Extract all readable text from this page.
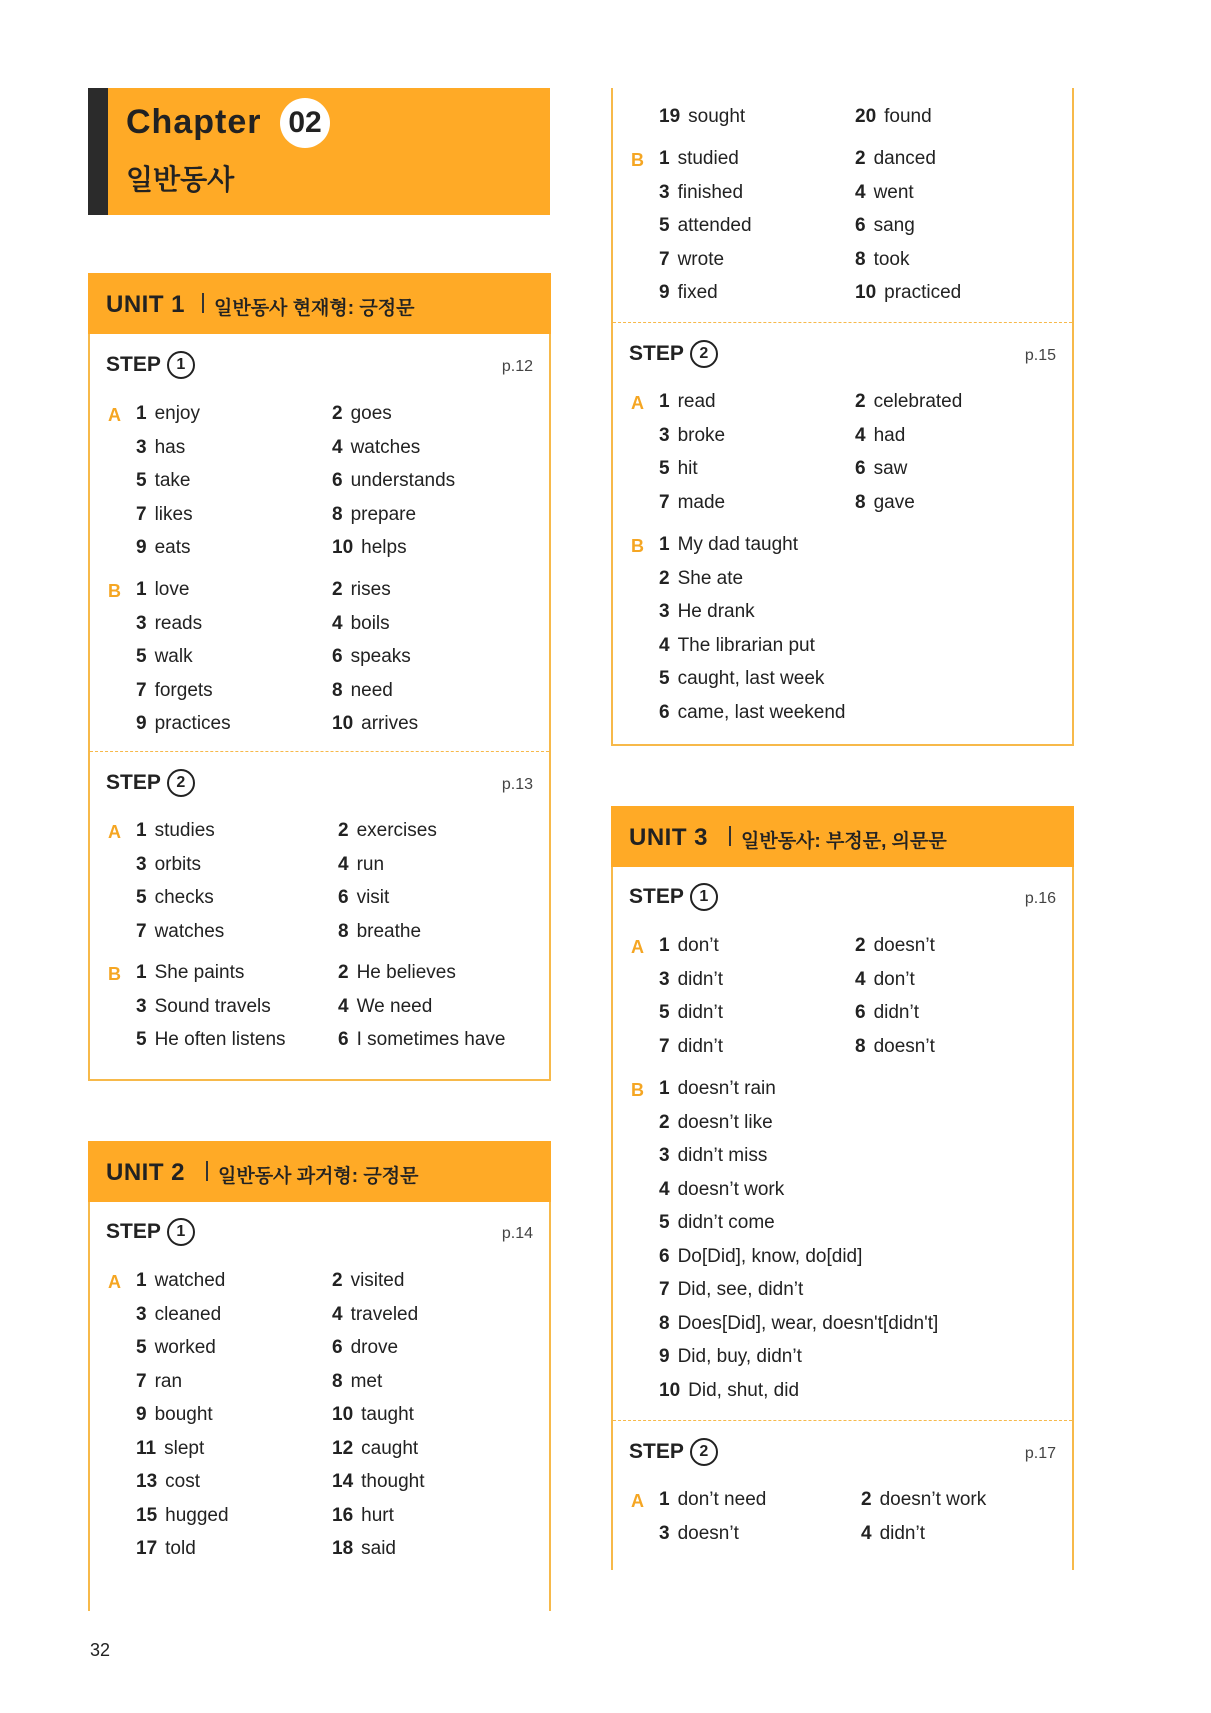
Chapter 02
일반동사
UNIT 1 일반동사 현재형: 긍정문
STEP 1	p.12
A
B
STEP 2	p.13
A
B
1 enjoy	2 goes
3 has	4 watches
5 take	6 understands
7 likes	8 prepare
9 eats	10 helps
1 love	2 rises
3 reads	4 boils
5 walk	6 speaks
7 forgets	8 need
9 practices	10 arrives
1 studies	2 exercises
3 orbits	4 run
5 checks	6 visit
7 watches	8 breathe
1 She paints	2 He believes
3 Sound travels	4 We need
5 He often listens	6 I sometimes have
UNIT 2 일반동사 과거형: 긍정문
STEP 1	p.14
A 1 watched	2 visited
3 cleaned	4 traveled
5 worked	6 drove
7 ran	8 met
9 bought	10 taught
11 slept	12 caught
13 cost	14 thought
15 hugged	16 hurt
17 told	18 said
B
STEP 2	p.15
A
B
19 sought	20 found
1 studied	2 danced
3 finished	4 went
5 attended	6 sang
7 wrote	8 took
9 fixed	10 practiced
1 read	2 celebrated
3 broke	4 had
5 hit	6 saw
7 made	8 gave
1 My dad taught
2 She ate
3 He drank
4 The librarian put
5 caught, last week
6 came, last weekend
UNIT 3 일반동사: 부정문, 의문문
STEP 1	p.16
A
B
STEP 2	p.17
A
1 don’t	2 doesn’t
3 didn’t	4 don’t
5 didn’t	6 didn’t
7 didn’t	8 doesn’t
1 doesn’t rain
2 doesn’t like
3 didn’t miss
4 doesn’t work
5 didn’t come
6 Do[Did], know, do[did]
7 Did, see, didn’t
8 Does[Did], wear, doesn't[didn't]
9 Did, buy, didn’t
10 Did, shut, did
1 don’t need	2 doesn’t work
3 doesn’t	4 didn’t
32
